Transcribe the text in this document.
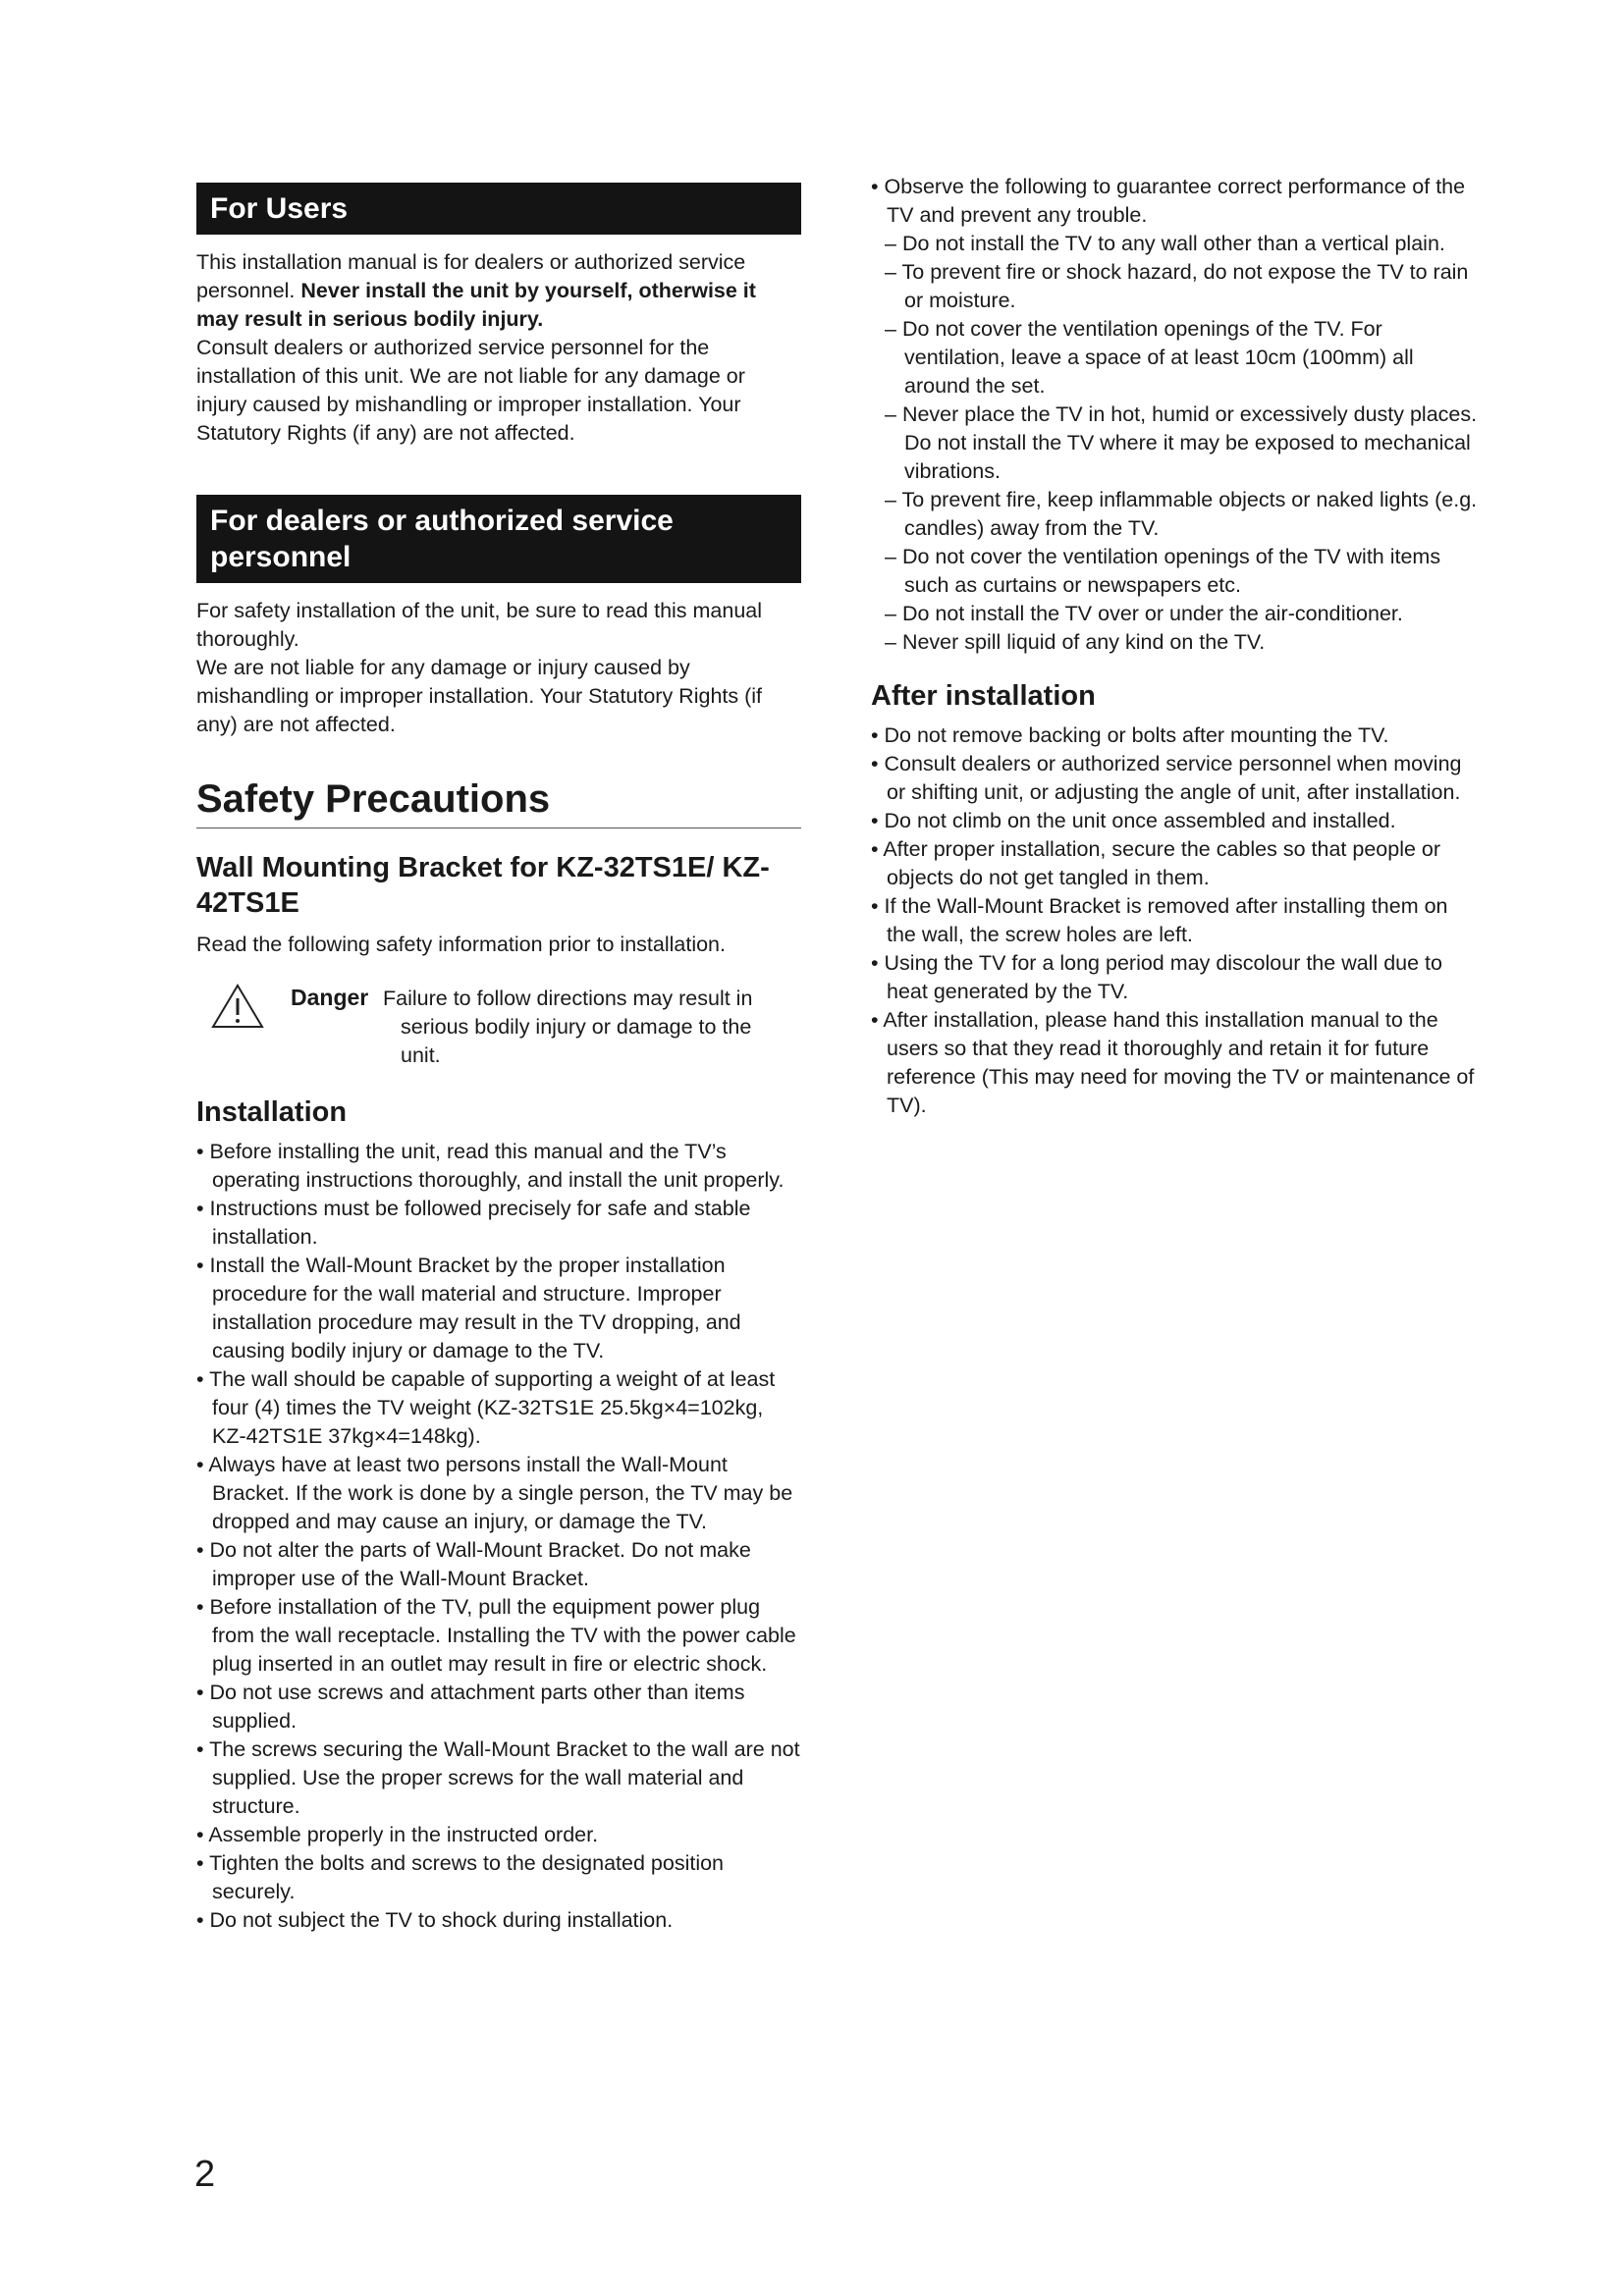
For Users

This installation manual is for dealers or authorized service personnel. Never install the unit by yourself, otherwise it may result in serious bodily injury.

Consult dealers or authorized service personnel for the installation of this unit. We are not liable for any damage or injury caused by mishandling or improper installation. Your Statutory Rights (if any) are not affected.

For dealers or authorized service personnel

For safety installation of the unit, be sure to read this manual thoroughly.

We are not liable for any damage or injury caused by mishandling or improper installation. Your Statutory Rights (if any) are not affected.

Safety Precautions
Wall Mounting Bracket for KZ-32TS1E/ KZ-42TS1E

Read the following safety information prior to installation.

Danger Failure to follow directions may result in
serious bodily injury or damage to the unit.
Installation
• Before installing the unit, read this manual and the TV’s operating instructions thoroughly, and install the unit properly.
• Instructions must be followed precisely for safe and stable installation.
• Install the Wall-Mount Bracket by the proper installation procedure for the wall material and structure. Improper installation procedure may result in the TV dropping, and causing bodily injury or damage to the TV.
• The wall should be capable of supporting a weight of at least four (4) times the TV weight (KZ-32TS1E 25.5kg×4=102kg, KZ-42TS1E 37kg×4=148kg).
• Always have at least two persons install the Wall-Mount Bracket. If the work is done by a single person, the TV may be dropped and may cause an injury, or damage the TV.
• Do not alter the parts of Wall-Mount Bracket. Do not make improper use of the Wall-Mount Bracket.
• Before installation of the TV, pull the equipment power plug from the wall receptacle. Installing the TV with the power cable plug inserted in an outlet may result in fire or electric shock.
• Do not use screws and attachment parts other than items supplied.
• The screws securing the Wall-Mount Bracket to the wall are not supplied. Use the proper screws for the wall material and structure.
• Assemble properly in the instructed order.
• Tighten the bolts and screws to the designated position securely.
• Do not subject the TV to shock during installation.
• Observe the following to guarantee correct performance of the TV and prevent any trouble.
– Do not install the TV to any wall other than a vertical plain.
– To prevent fire or shock hazard, do not expose the TV to rain or moisture.
– Do not cover the ventilation openings of the TV. For ventilation, leave a space of at least 10cm (100mm) all around the set.
– Never place the TV in hot, humid or excessively dusty places. Do not install the TV where it may be exposed to mechanical vibrations.
– To prevent fire, keep inflammable objects or naked lights (e.g. candles) away from the TV.
– Do not cover the ventilation openings of the TV with items such as curtains or newspapers etc.
– Do not install the TV over or under the air-conditioner.
– Never spill liquid of any kind on the TV.
After installation
• Do not remove backing or bolts after mounting the TV.
• Consult dealers or authorized service personnel when moving or shifting unit, or adjusting the angle of unit, after installation.
• Do not climb on the unit once assembled and installed.
• After proper installation, secure the cables so that people or objects do not get tangled in them.
• If the Wall-Mount Bracket is removed after installing them on the wall, the screw holes are left.
• Using the TV for a long period may discolour the wall due to heat generated by the TV.
• After installation, please hand this installation manual to the users so that they read it thoroughly and retain it for future reference (This may need for moving the TV or maintenance of TV).
2
